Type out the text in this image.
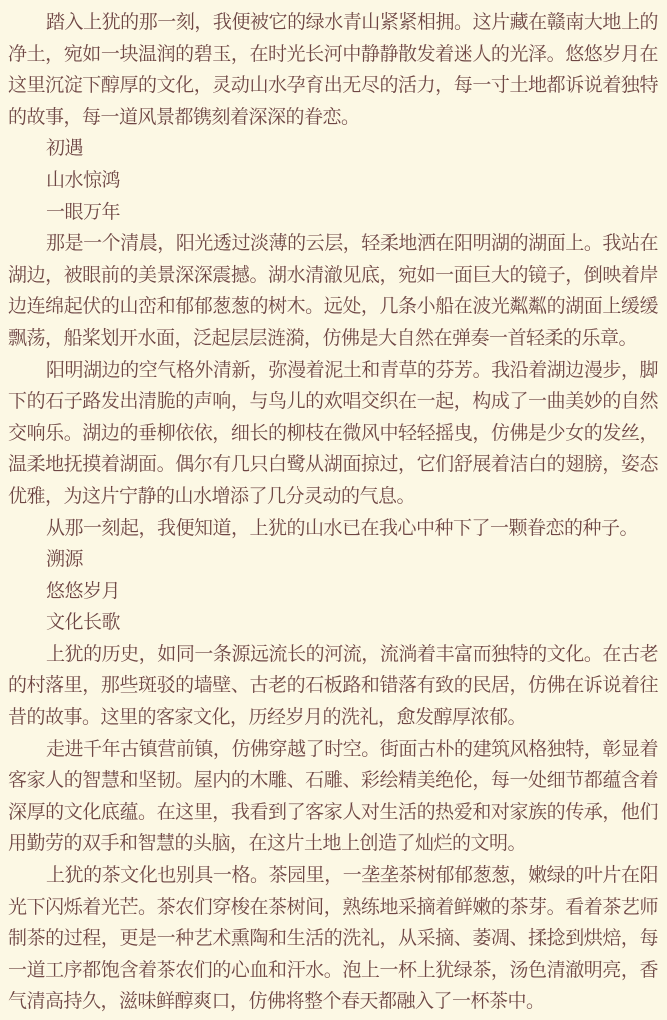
踏入上犹的那一刻，我便被它的绿水青山紧紧相拥。这片藏在赣南大地上的净土，宛如一块温润的碧玉，在时光长河中静静散发着迷人的光泽。悠悠岁月在这里沉淀下醇厚的文化，灵动山水孕育出无尽的活力，每一寸土地都诉说着独特的故事，每一道风景都镌刻着深深的眷恋。

初遇

山水惊鸿

一眼万年

那是一个清晨，阳光透过淡薄的云层，轻柔地洒在阳明湖的湖面上。我站在湖边，被眼前的美景深深震撼。湖水清澈见底，宛如一面巨大的镜子，倒映着岸边连绵起伏的山峦和郁郁葱葱的树木。远处，几条小船在波光粼粼的湖面上缓缓飘荡，船桨划开水面，泛起层层涟漪，仿佛是大自然在弹奏一首轻柔的乐章。

阳明湖边的空气格外清新，弥漫着泥土和青草的芬芳。我沿着湖边漫步，脚下的石子路发出清脆的声响，与鸟儿的欢唱交织在一起，构成了一曲美妙的自然交响乐。湖边的垂柳依依，细长的柳枝在微风中轻轻摇曳，仿佛是少女的发丝，温柔地抚摸着湖面。偶尔有几只白鹭从湖面掠过，它们舒展着洁白的翅膀，姿态优雅，为这片宁静的山水增添了几分灵动的气息。

从那一刻起，我便知道，上犹的山水已在我心中种下了一颗眷恋的种子。

溯源

悠悠岁月

文化长歌

上犹的历史，如同一条源远流长的河流，流淌着丰富而独特的文化。在古老的村落里，那些斑驳的墙壁、古老的石板路和错落有致的民居，仿佛在诉说着往昔的故事。这里的客家文化，历经岁月的洗礼，愈发醇厚浓郁。

走进千年古镇营前镇，仿佛穿越了时空。街面古朴的建筑风格独特，彰显着客家人的智慧和坚韧。屋内的木雕、石雕、彩绘精美绝伦，每一处细节都蕴含着深厚的文化底蕴。在这里，我看到了客家人对生活的热爱和对家族的传承，他们用勤劳的双手和智慧的头脑，在这片土地上创造了灿烂的文明。

上犹的茶文化也别具一格。茶园里，一垄垄茶树郁郁葱葱，嫩绿的叶片在阳光下闪烁着光芒。茶农们穿梭在茶树间，熟练地采摘着鲜嫩的茶芽。看着茶艺师制茶的过程，更是一种艺术熏陶和生活的洗礼，从采摘、萎凋、揉捻到烘焙，每一道工序都饱含着茶农们的心血和汗水。泡上一杯上犹绿茶，汤色清澈明亮，香气清高持久，滋味鲜醇爽口，仿佛将整个春天都融入了一杯茶中。
